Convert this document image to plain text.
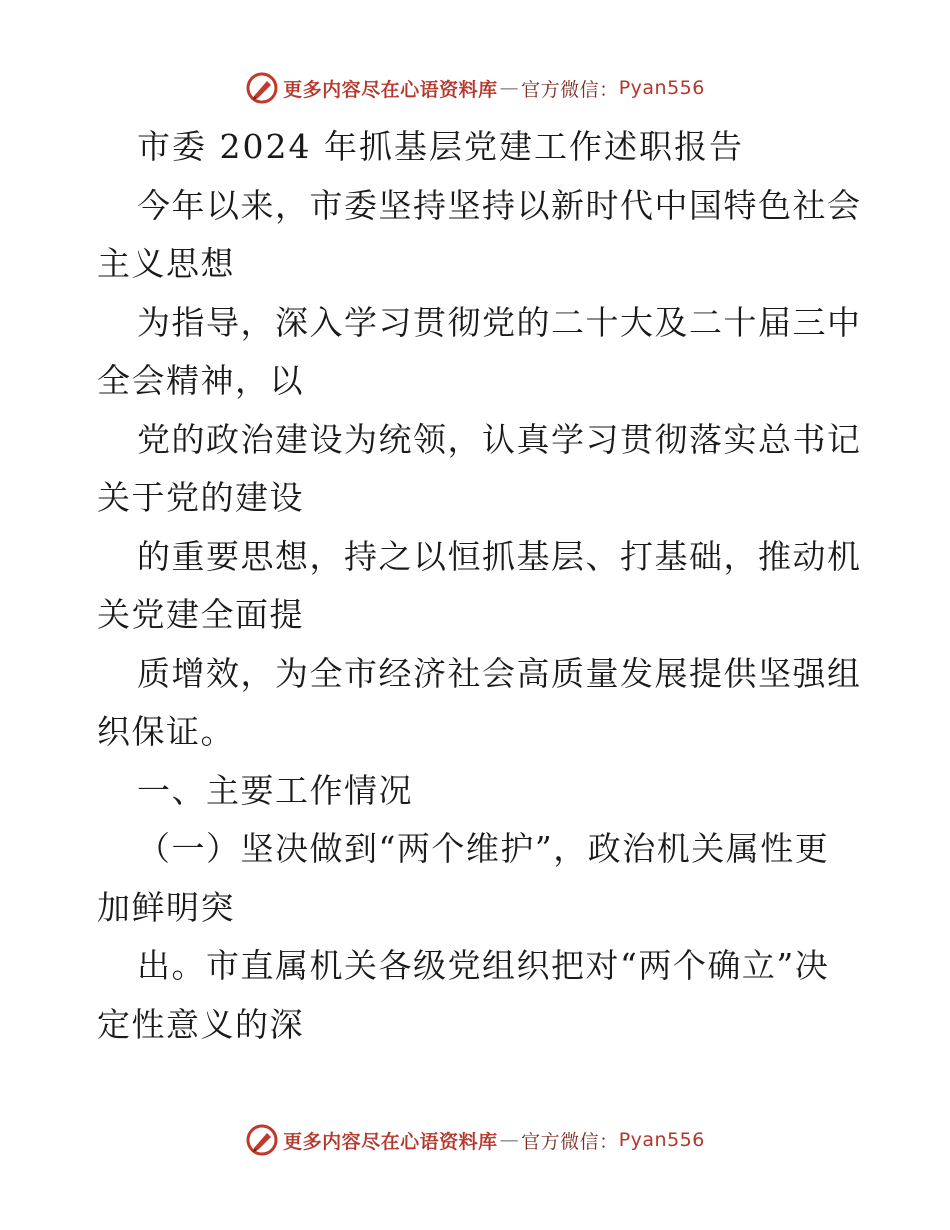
更多内容尽在心语资料库 — 官方微信： Pyan556
市委 2024 年抓基层党建工作述职报告
今年以来，市委坚持坚持以新时代中国特色社会
主义思想
为指导，深入学习贯彻党的二十大及二十届三中
全会精神，以
党的政治建设为统领，认真学习贯彻落实总书记
关于党的建设
的重要思想，持之以恒抓基层、打基础，推动机
关党建全面提
质增效，为全市经济社会高质量发展提供坚强组
织保证。
一、主要工作情况
（一）坚决做到“两个维护”，政治机关属性更
加鲜明突
出。市直属机关各级党组织把对“两个确立”决
定性意义的深
更多内容尽在心语资料库 — 官方微信： Pyan556
